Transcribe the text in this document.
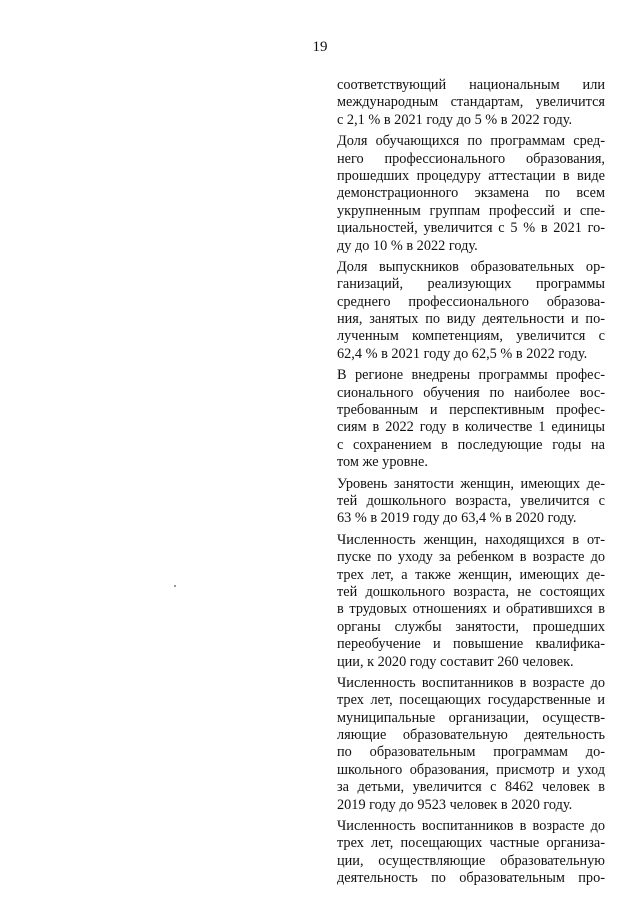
19
соответствующий национальным или
международным стандартам, увеличится
с 2,1 % в 2021 году до 5 % в 2022 году.
Доля обучающихся по программам сред-
него профессионального образования,
прошедших процедуру аттестации в виде
демонстрационного экзамена по всем
укрупненным группам профессий и спе-
циальностей, увеличится с 5 % в 2021 го-
ду до 10 % в 2022 году.
Доля выпускников образовательных ор-
ганизаций, реализующих программы
среднего профессионального образова-
ния, занятых по виду деятельности и по-
лученным компетенциям, увеличится с
62,4 % в 2021 году до 62,5 % в 2022 году.
В регионе внедрены программы профес-
сионального обучения по наиболее вос-
требованным и перспективным профес-
сиям в 2022 году в количестве 1 единицы
с сохранением в последующие годы на
том же уровне.
Уровень занятости женщин, имеющих де-
тей дошкольного возраста, увеличится с
63 % в 2019 году до 63,4 % в 2020 году.
Численность женщин, находящихся в от-
пуске по уходу за ребенком в возрасте до
трех лет, а также женщин, имеющих де-
тей дошкольного возраста, не состоящих
в трудовых отношениях и обратившихся в
органы службы занятости, прошедших
переобучение и повышение квалифика-
ции, к 2020 году составит 260 человек.
Численность воспитанников в возрасте до
трех лет, посещающих государственные и
муниципальные организации, осуществ-
ляющие образовательную деятельность
по образовательным программам до-
школьного образования, присмотр и уход
за детьми, увеличится с 8462 человек в
2019 году до 9523 человек в 2020 году.
Численность воспитанников в возрасте до
трех лет, посещающих частные организа-
ции, осуществляющие образовательную
деятельность по образовательным про-
